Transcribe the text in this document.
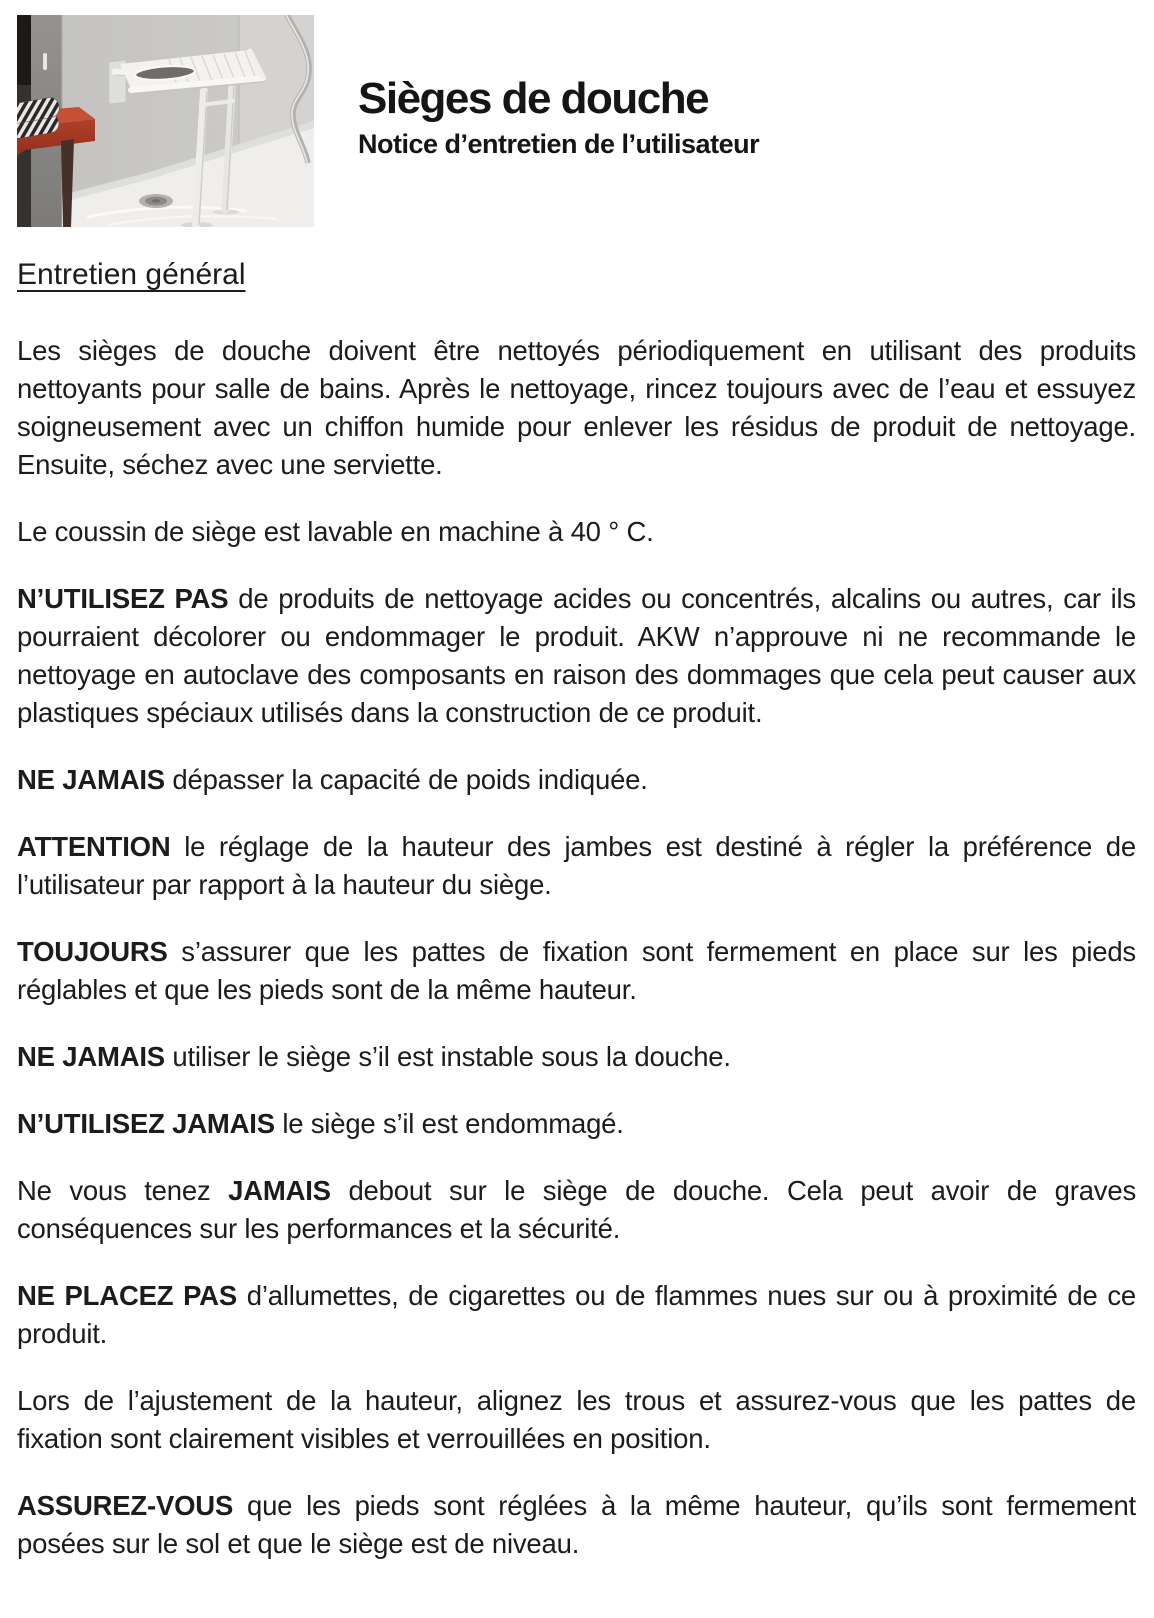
Sièges de douche
Notice d’entretien de l’utilisateur
Entretien général

Les sièges de douche doivent être nettoyés périodiquement en utilisant des produits nettoyants pour salle de bains. Après le nettoyage, rincez toujours avec de l’eau et essuyez soigneusement avec un chiffon humide pour enlever les résidus de produit de nettoyage. Ensuite, séchez avec une serviette.

Le coussin de siège est lavable en machine à 40 ° C.

N’UTILISEZ PAS de produits de nettoyage acides ou concentrés, alcalins ou autres, car ils pourraient décolorer ou endommager le produit. AKW n’approuve ni ne recommande le nettoyage en autoclave des composants en raison des dommages que cela peut causer aux plastiques spéciaux utilisés dans la construction de ce produit.

NE JAMAIS dépasser la capacité de poids indiquée.

ATTENTION le réglage de la hauteur des jambes est destiné à régler la préférence de l’utilisateur par rapport à la hauteur du siège.

TOUJOURS s’assurer que les pattes de fixation sont fermement en place sur les pieds réglables et que les pieds sont de la même hauteur.

NE JAMAIS utiliser le siège s’il est instable sous la douche.

N’UTILISEZ JAMAIS le siège s’il est endommagé.

Ne vous tenez JAMAIS debout sur le siège de douche. Cela peut avoir de graves conséquences sur les performances et la sécurité.

NE PLACEZ PAS d’allumettes, de cigarettes ou de flammes nues sur ou à proximité de ce produit.

Lors de l’ajustement de la hauteur, alignez les trous et assurez-vous que les pattes de fixation sont clairement visibles et verrouillées en position.

ASSUREZ-VOUS que les pieds sont réglées à la même hauteur, qu’ils sont fermement posées sur le sol et que le siège est de niveau.
